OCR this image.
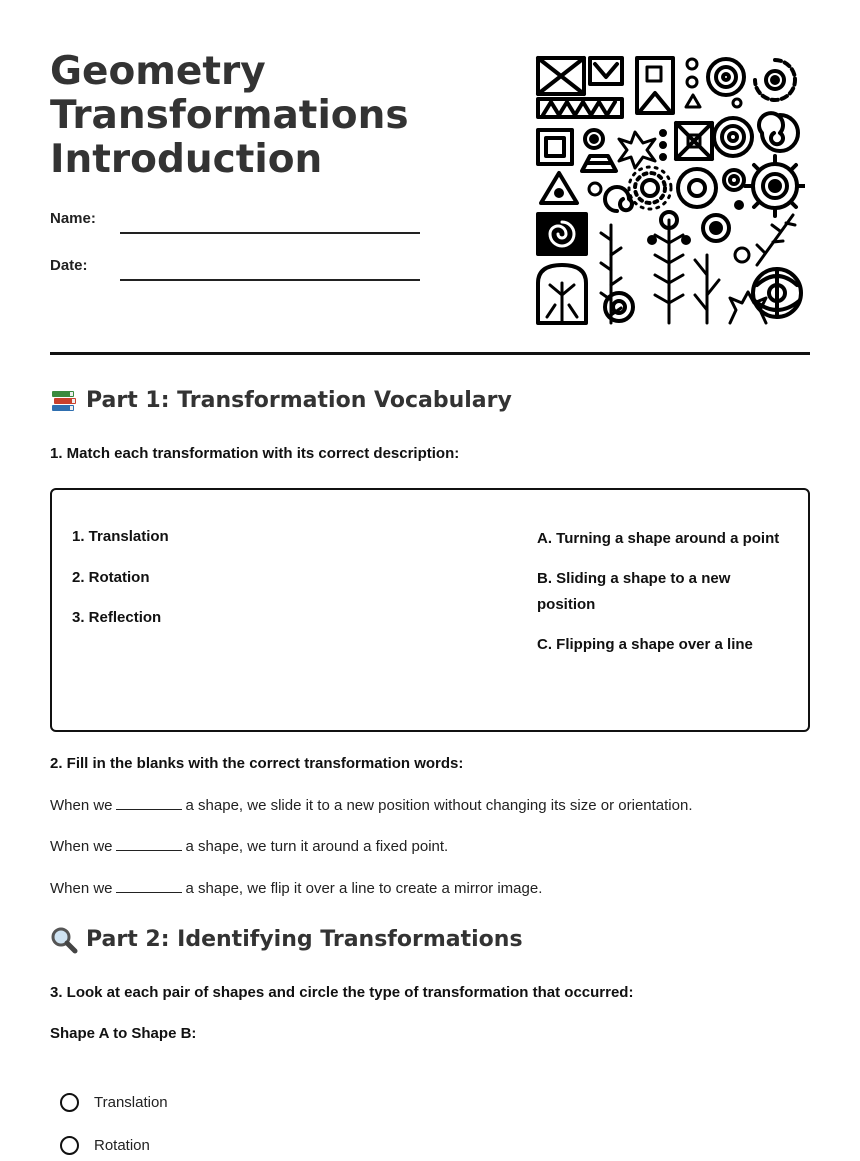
Geometry
Transformations
Introduction
Name:
Date:
Part 1: Transformation Vocabulary

1. Match each transformation with its correct description:

1. Translation
2. Rotation
3. Reflection
A. Turning a shape around a point
B. Sliding a shape to a new position
C. Flipping a shape over a line

2. Fill in the blanks with the correct transformation words:

When we	a shape, we slide it to a new position without changing its size or orientation.

When we	a shape, we turn it around a fixed point.

When we	a shape, we flip it over a line to create a mirror image.

Part 2: Identifying Transformations

3. Look at each pair of shapes and circle the type of transformation that occurred:

Shape A to Shape B:

Translation
Rotation
